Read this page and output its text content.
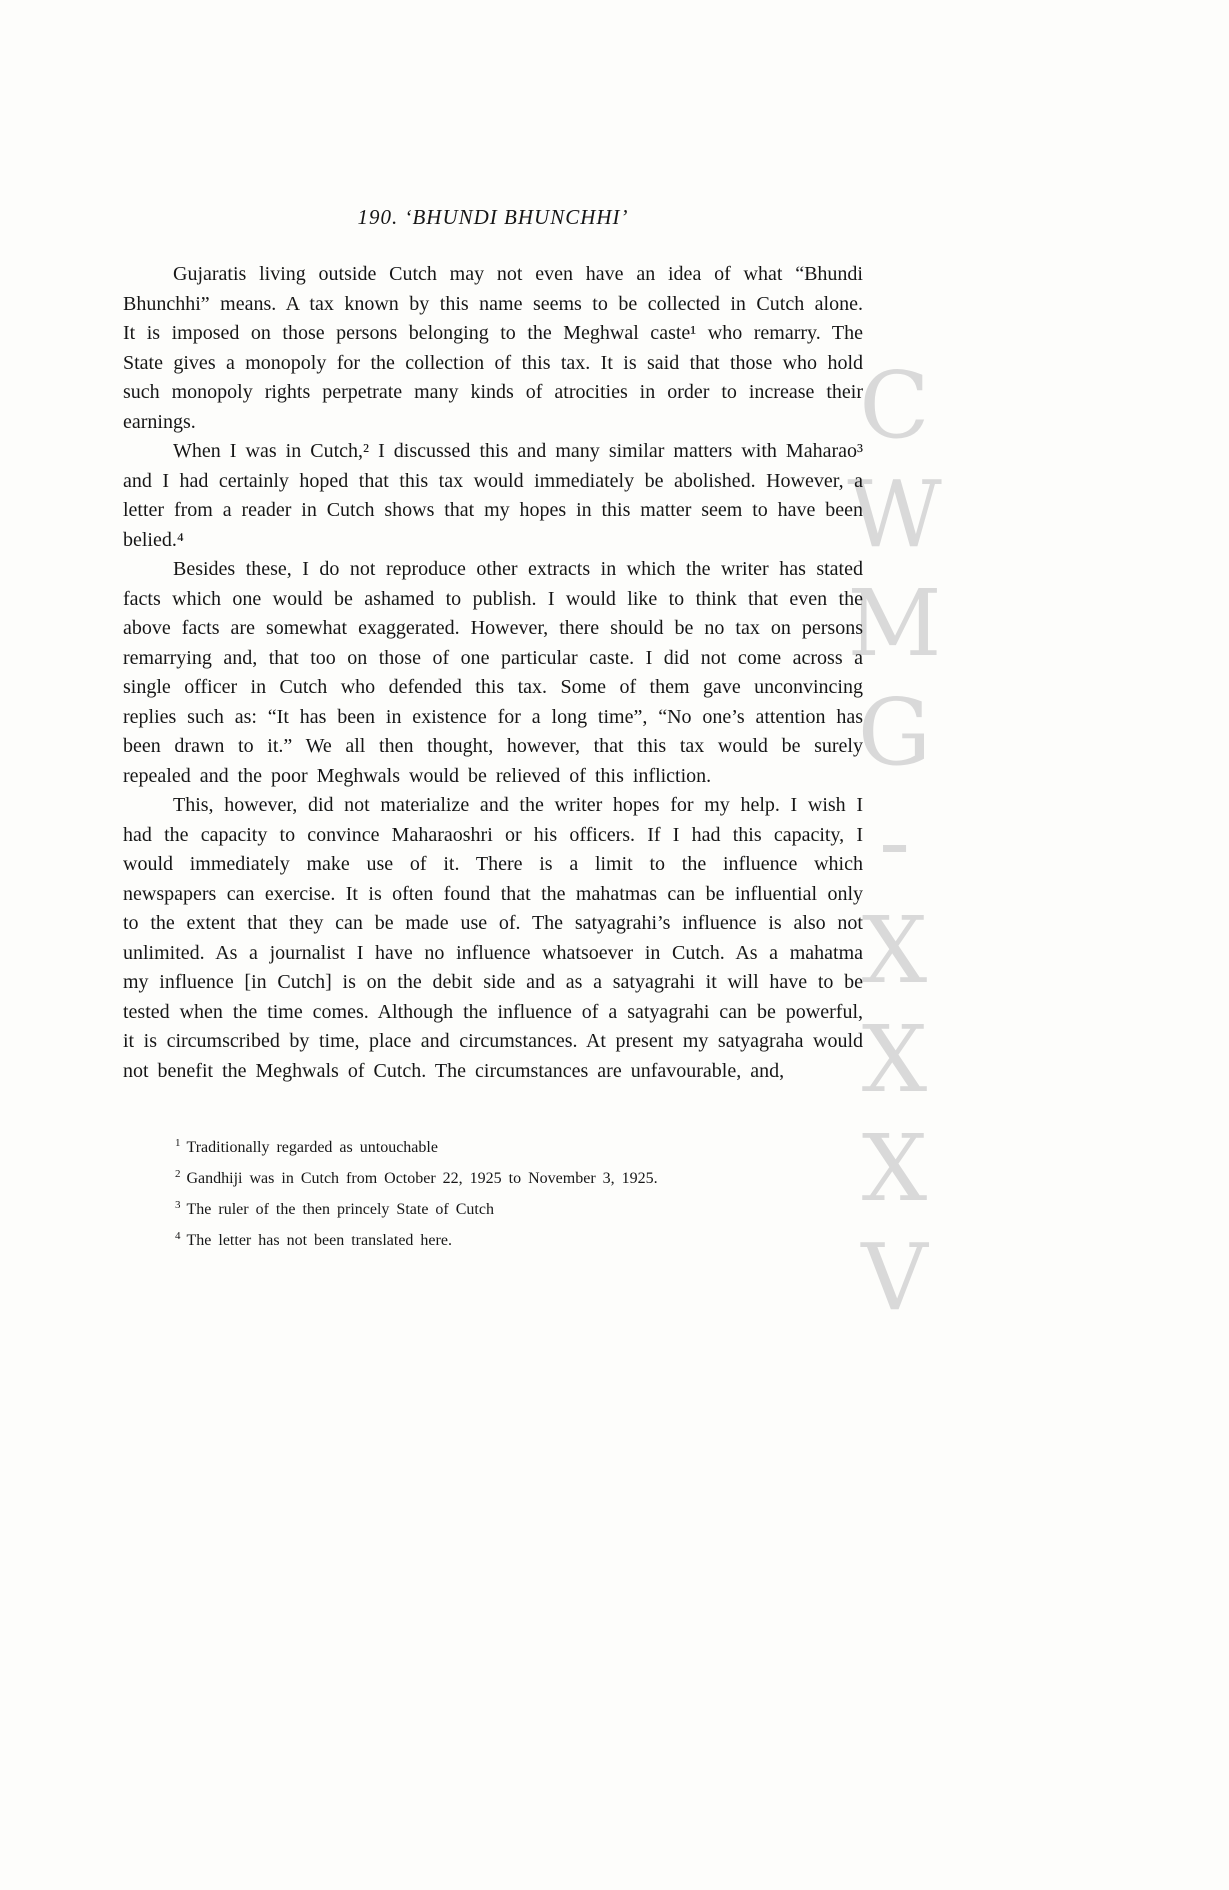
CWMG-XXXV
190. ‘BHUNDI BHUNCHHI’

Gujaratis living outside Cutch may not even have an idea of what “Bhundi Bhunchhi” means. A tax known by this name seems to be collected in Cutch alone. It is imposed on those persons belonging to the Meghwal caste¹ who remarry. The State gives a monopoly for the collection of this tax. It is said that those who hold such monopoly rights perpetrate many kinds of atrocities in order to increase their earnings.

When I was in Cutch,² I discussed this and many similar matters with Maharao³ and I had certainly hoped that this tax would immediately be abolished. However, a letter from a reader in Cutch shows that my hopes in this matter seem to have been belied.⁴

Besides these, I do not reproduce other extracts in which the writer has stated facts which one would be ashamed to publish. I would like to think that even the above facts are somewhat exaggerated. However, there should be no tax on persons remarrying and, that too on those of one particular caste. I did not come across a single officer in Cutch who defended this tax. Some of them gave unconvincing replies such as: “It has been in existence for a long time”, “No one’s attention has been drawn to it.” We all then thought, however, that this tax would be surely repealed and the poor Meghwals would be relieved of this infliction.

This, however, did not materialize and the writer hopes for my help. I wish I had the capacity to convince Maharaoshri or his officers. If I had this capacity, I would immediately make use of it. There is a limit to the influence which newspapers can exercise. It is often found that the mahatmas can be influential only to the extent that they can be made use of. The satyagrahi’s influence is also not unlimited. As a journalist I have no influence whatsoever in Cutch. As a mahatma my influence [in Cutch] is on the debit side and as a satyagrahi it will have to be tested when the time comes. Although the influence of a satyagrahi can be powerful, it is circumscribed by time, place and circumstances. At present my satyagraha would not benefit the Meghwals of Cutch. The circumstances are unfavourable, and,

$^1$ Traditionally regarded as untouchable
$^2$ Gandhiji was in Cutch from October 22, 1925 to November 3, 1925.
$^3$ The ruler of the then princely State of Cutch
$^4$ The letter has not been translated here.
